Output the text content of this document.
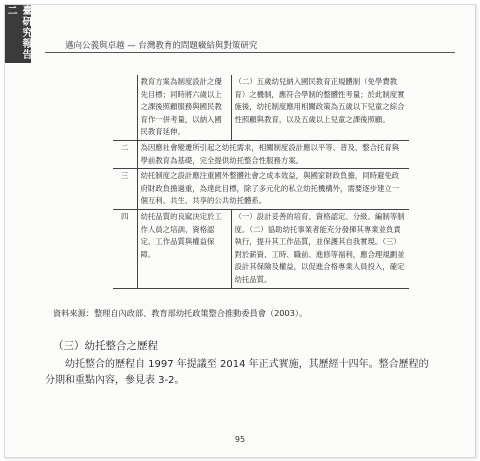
臺研究報告二
邁向公義與卓越 — 台灣教育的問題癥結與對策研究
	教育方案為制度設計之優先目標；同時將六歲以上之課後照顧服務與國民教育作一併考量，以納入國民教育延伸。	（二）五歲幼兒納入國民教育正規體制（免學費教育）之機制，應符合學制的整體性考量；於此制度實施後，幼托制度應用相關政策為五歲以下兒童之綜合性照顧與教育，以及五歲以上兒童之課後照顧。
二	為因應社會變遷所引起之幼托需求，相關制度設計應以平等、普及、整合托育與學前教育為基礎，完全提供幼托整合性服務方案。	
三	幼托制度之設計應注重國外整體社會之成本效益，與國家財政負擔，同時避免政府財政負擔過重，為達此目標，除了多元化的私立幼托機構外，需要逐步建立一個互利、共生、共享的公共幼托體系。	
四	幼托品質的良窳決定於工作人員之培訓、資格認定、工作品質與權益保障。	（一）設計妥善的培育、資格認定、分級、編制等制度。（二）協助幼托事業者能充分發揮其專業並負責執行，提升其工作品質，並保護其自我實現。（三）對於薪資、工時、職前、進修等福利，應合理規劃並設計其保險及權益，以促進合格專業人員投入，確定幼托品質。
資料來源：整理自內政部、教育部幼托政策整合推動委員會（2003）。
（三）幼托整合之歷程

幼托整合的歷程自 1997 年提議至 2014 年正式實施，其歷經十四年。整合歷程的分期和重點內容，參見表 3-2。

95
